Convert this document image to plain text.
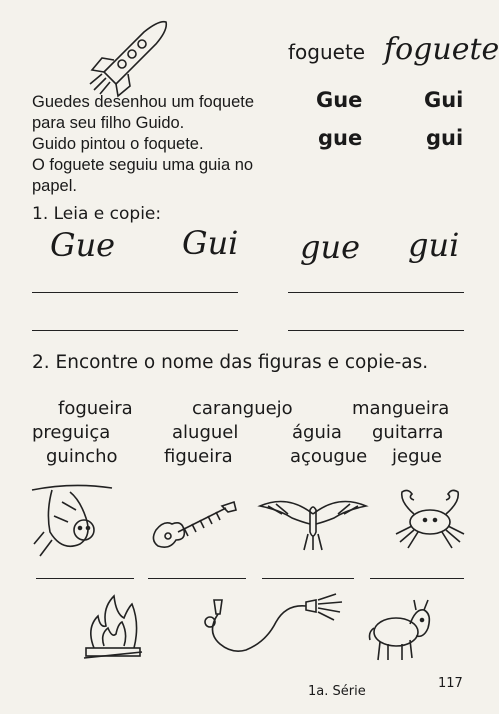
foguete foguete
Guedes desenhou um foquete
para seu filho Guido.
Guido pintou o foquete.
O foguete seguiu uma guia no
papel.
Gue	Gui
gue	gui
1. Leia e copie:
Gue Gui gue gui
2. Encontre o nome das figuras e copie-as.
fogueira	caranguejo	mangueira
preguiça	aluguel	águia guitarra
guincho	figueira	açougue jegue
1a. Série
117
